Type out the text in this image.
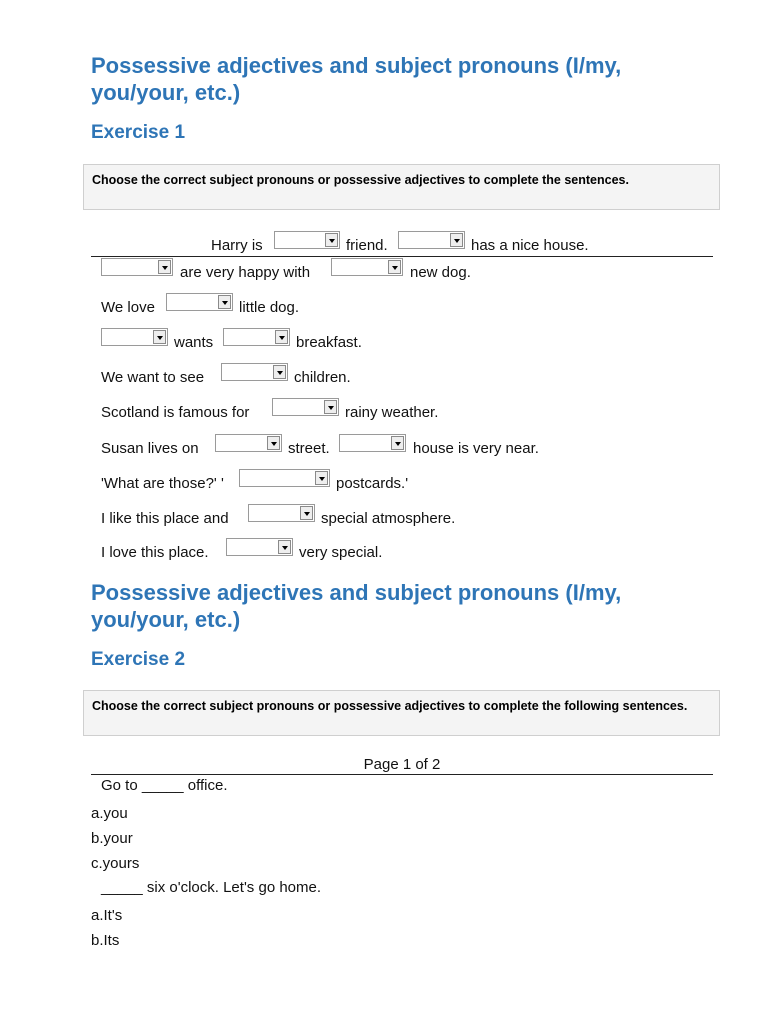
Possessive adjectives and subject pronouns (I/my, you/your, etc.)
Exercise 1
Choose the correct subject pronouns or possessive adjectives to complete the sentences.
Harry is	friend.	has a nice house.
are very happy with	new dog.
We love	little dog.
wants	breakfast.
We want to see	children.
Scotland is famous for	rainy weather.
Susan lives on	street.	house is very near.
'What are those?' '	postcards.'
I like this place and	special atmosphere.
I love this place.	very special.
Possessive adjectives and subject pronouns (I/my, you/your, etc.)
Exercise 2
Choose the correct subject pronouns or possessive adjectives to complete the following sentences.
Page 1 of 2
Go to _____ office.
a.you
b.your
c.yours
_____ six o'clock. Let's go home.
a.It's
b.Its
